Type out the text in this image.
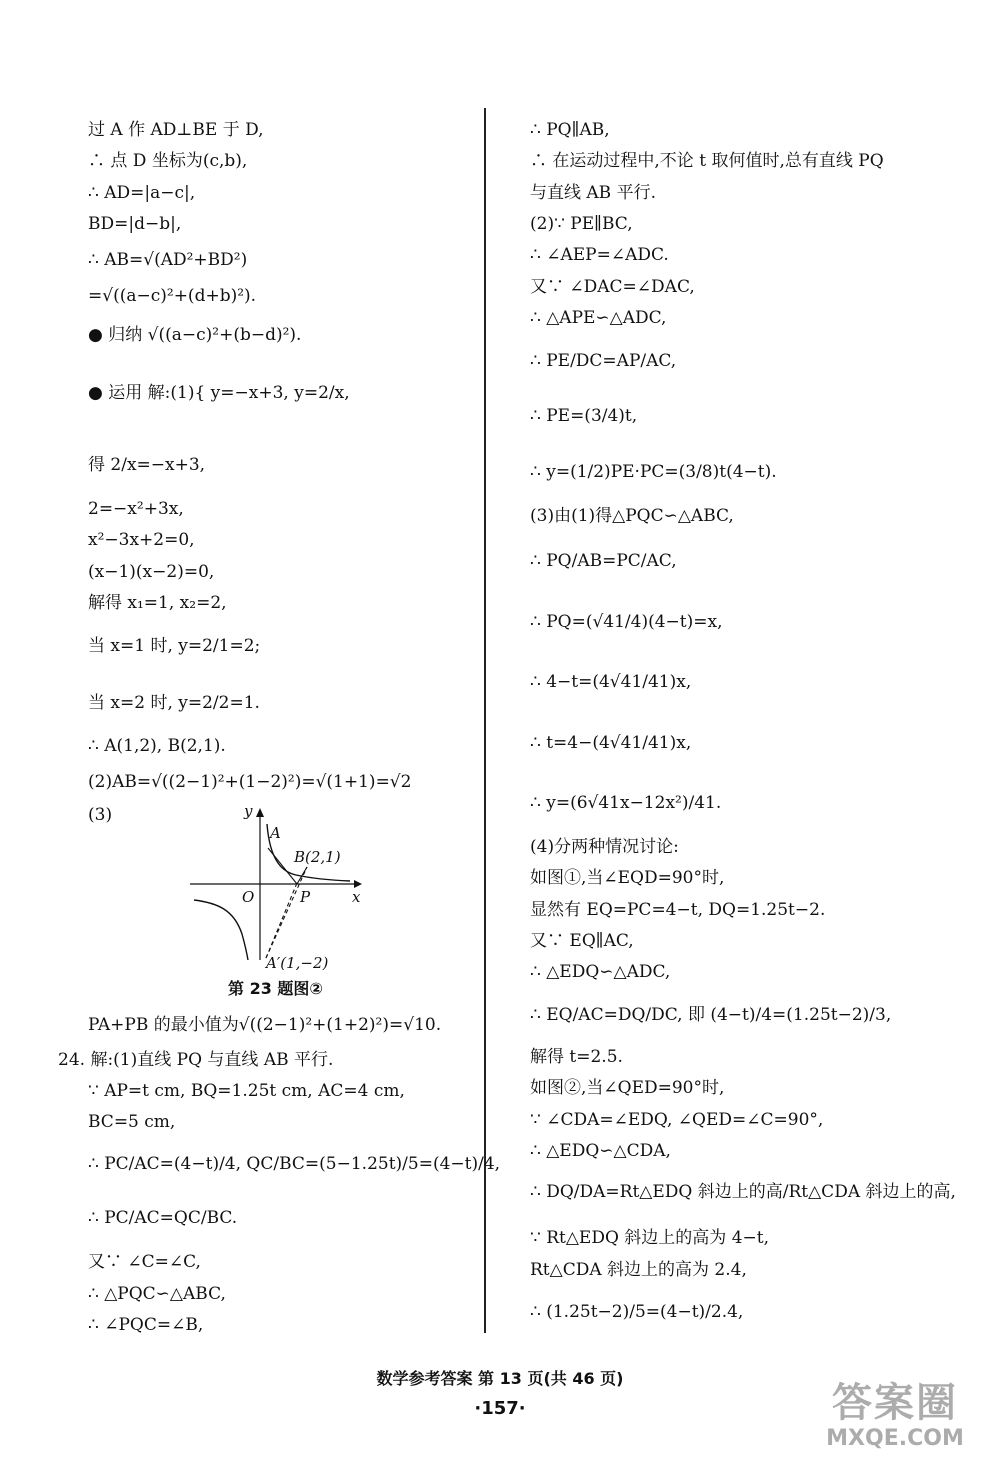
过 A 作 AD⊥BE 于 D,
∴ 点 D 坐标为(c,b),
∴ AD=|a−c|,
BD=|d−b|,
∴ AB=√(AD²+BD²)
=√((a−c)²+(d+b)²).
● 归纳 √((a−c)²+(b−d)²).
● 运用 解:(1){ y=−x+3, y=2/x,
得 2/x=−x+3,
2=−x²+3x,
x²−3x+2=0,
(x−1)(x−2)=0,
解得 x₁=1, x₂=2,
当 x=1 时, y=2/1=2;
当 x=2 时, y=2/2=1.
∴ A(1,2), B(2,1).
(2)AB=√((2−1)²+(1−2)²)=√(1+1)=√2
(3)	y
x
O
A
B(2,1)
P
A′(1,−2)
第 23 题图②
PA+PB 的最小值为√((2−1)²+(1+2)²)=√10.
24. 解:(1)直线 PQ 与直线 AB 平行.
∵ AP=t cm, BQ=1.25t cm, AC=4 cm,
BC=5 cm,
∴ PC/AC=(4−t)/4, QC/BC=(5−1.25t)/5=(4−t)/4,
∴ PC/AC=QC/BC.
又∵ ∠C=∠C,
∴ △PQC∽△ABC,
∴ ∠PQC=∠B,
∴ PQ∥AB,
∴ 在运动过程中,不论 t 取何值时,总有直线 PQ
与直线 AB 平行.
(2)∵ PE∥BC,
∴ ∠AEP=∠ADC.
又∵ ∠DAC=∠DAC,
∴ △APE∽△ADC,
∴ PE/DC=AP/AC,
∴ PE=(3/4)t,
∴ y=(1/2)PE·PC=(3/8)t(4−t).
(3)由(1)得△PQC∽△ABC,
∴ PQ/AB=PC/AC,
∴ PQ=(√41/4)(4−t)=x,
∴ 4−t=(4√41/41)x,
∴ t=4−(4√41/41)x,
∴ y=(6√41x−12x²)/41.
(4)分两种情况讨论:
如图①,当∠EQD=90°时,
显然有 EQ=PC=4−t, DQ=1.25t−2.
又∵ EQ∥AC,
∴ △EDQ∽△ADC,
∴ EQ/AC=DQ/DC, 即 (4−t)/4=(1.25t−2)/3,
解得 t=2.5.
如图②,当∠QED=90°时,
∵ ∠CDA=∠EDQ, ∠QED=∠C=90°,
∴ △EDQ∽△CDA,
∴ DQ/DA=Rt△EDQ 斜边上的高/Rt△CDA 斜边上的高,
∵ Rt△EDQ 斜边上的高为 4−t,
Rt△CDA 斜边上的高为 2.4,
∴ (1.25t−2)/5=(4−t)/2.4,
数学参考答案 第 13 页(共 46 页)
·157·	答案圈
MXQE.COM
